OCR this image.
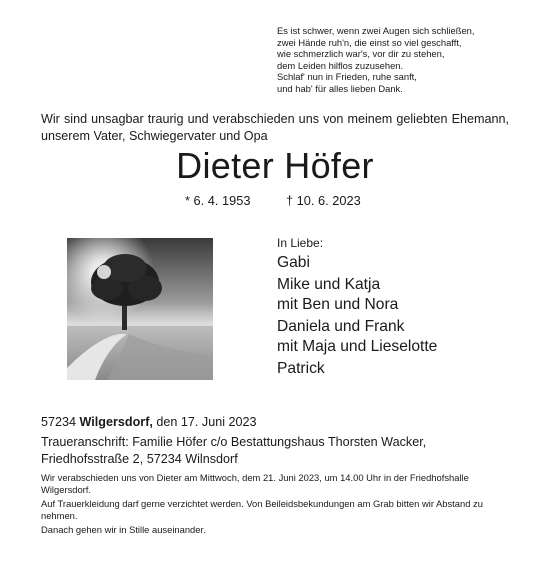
Es ist schwer, wenn zwei Augen sich schließen,
zwei Hände ruh'n, die einst so viel geschafft,
wie schmerzlich war's, vor dir zu stehen,
dem Leiden hilflos zuzusehen.
Schlaf' nun in Frieden, ruhe sanft,
und hab' für alles lieben Dank.
Wir sind unsagbar traurig und verabschieden uns von meinem geliebten Ehemann, unserem Vater, Schwiegervater und Opa
Dieter Höfer
* 6. 4. 1953	† 10. 6. 2023
In Liebe:
Gabi
Mike und Katja
mit Ben und Nora
Daniela und Frank
mit Maja und Lieselotte
Patrick
57234 Wilgersdorf, den 17. Juni 2023
Traueranschrift: Familie Höfer c/o Bestattungshaus Thorsten Wacker,
Friedhofsstraße 2, 57234 Wilnsdorf

Wir verabschieden uns von Dieter am Mittwoch, dem 21. Juni 2023, um 14.00 Uhr in der Friedhofshalle Wilgersdorf.

Auf Trauerkleidung darf gerne verzichtet werden. Von Beileidsbekundungen am Grab bitten wir Abstand zu nehmen.

Danach gehen wir in Stille auseinander.
